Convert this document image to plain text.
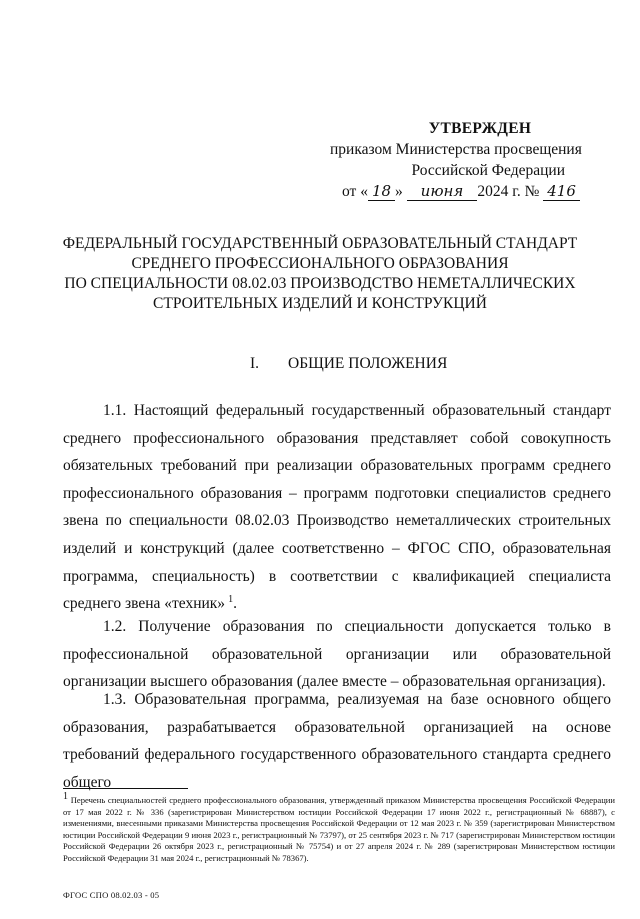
УТВЕРЖДЕН
приказом Министерства просвещения
Российской Федерации
от « 18 » июня 2024 г. № 416
ФЕДЕРАЛЬНЫЙ ГОСУДАРСТВЕННЫЙ ОБРАЗОВАТЕЛЬНЫЙ СТАНДАРТ
СРЕДНЕГО ПРОФЕССИОНАЛЬНОГО ОБРАЗОВАНИЯ
ПО СПЕЦИАЛЬНОСТИ 08.02.03 ПРОИЗВОДСТВО НЕМЕТАЛЛИЧЕСКИХ
СТРОИТЕЛЬНЫХ ИЗДЕЛИЙ И КОНСТРУКЦИЙ
I. ОБЩИЕ ПОЛОЖЕНИЯ
1.1. Настоящий федеральный государственный образовательный стандарт среднего профессионального образования представляет собой совокупность обязательных требований при реализации образовательных программ среднего профессионального образования – программ подготовки специалистов среднего звена по специальности 08.02.03 Производство неметаллических строительных изделий и конструкций (далее соответственно – ФГОС СПО, образовательная программа, специальность) в соответствии с квалификацией специалиста среднего звена «техник»  $^1$.
1.2. Получение образования по специальности допускается только в профессиональной образовательной организации или образовательной организации высшего образования (далее вместе – образовательная организация).
1.3. Образовательная программа, реализуемая на базе основного общего образования, разрабатывается образовательной организацией на основе требований федерального государственного образовательного стандарта среднего общего
$^1$ Перечень специальностей среднего профессионального образования, утвержденный приказом Министерства просвещения Российской Федерации от 17 мая 2022 г. № 336 (зарегистрирован Министерством юстиции Российской Федерации 17 июня 2022 г., регистрационный № 68887), с изменениями, внесенными приказами Министерства просвещения Российской Федерации от 12 мая 2023 г. № 359 (зарегистрирован Министерством юстиции Российской Федерации 9 июня 2023 г., регистрационный № 73797), от 25 сентября 2023 г. № 717 (зарегистрирован Министерством юстиции Российской Федерации 26 октября 2023 г., регистрационный № 75754) и от 27 апреля 2024 г. № 289 (зарегистрирован Министерством юстиции Российской Федерации 31 мая 2024 г., регистрационный № 78367).
ФГОС СПО 08.02.03 - 05
